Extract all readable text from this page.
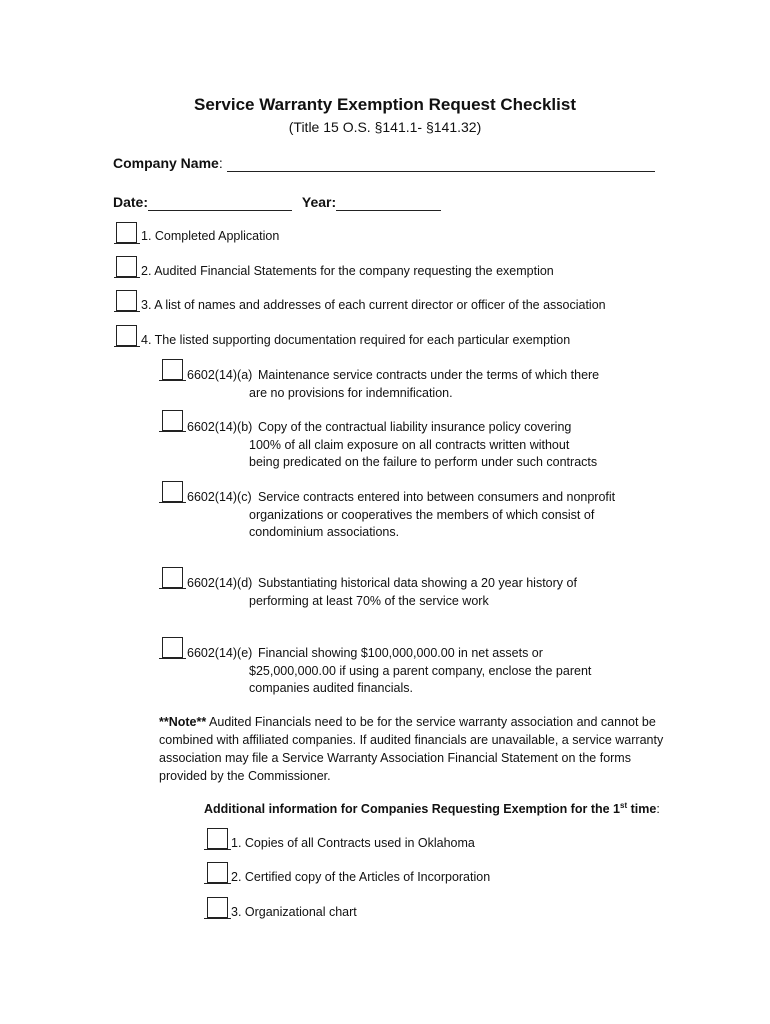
Service Warranty Exemption Request Checklist
(Title 15 O.S. §141.1- §141.32)
Company Name:
Date:	Year:
1. Completed Application
2. Audited Financial Statements for the company requesting the exemption
3. A list of names and addresses of each current director or officer of the association
4. The listed supporting documentation required for each particular exemption
6602(14)(a) Maintenance service contracts under the terms of which there
are no provisions for indemnification.
6602(14)(b) Copy of the contractual liability insurance policy covering
100% of all claim exposure on all contracts written without
being predicated on the failure to perform under such contracts
6602(14)(c) Service contracts entered into between consumers and nonprofit
organizations or cooperatives the members of which consist of
condominium associations.
6602(14)(d) Substantiating historical data showing a 20 year history of
performing at least 70% of the service work
6602(14)(e) Financial showing $100,000,000.00 in net assets or
$25,000,000.00 if using a parent company, enclose the parent
companies audited financials.
**Note** Audited Financials need to be for the service warranty association and cannot be combined with affiliated companies. If audited financials are unavailable, a service warranty association may file a Service Warranty Association Financial Statement on the forms provided by the Commissioner.
Additional information for Companies Requesting Exemption for the 1st time:
1. Copies of all Contracts used in Oklahoma
2. Certified copy of the Articles of Incorporation
3. Organizational chart
